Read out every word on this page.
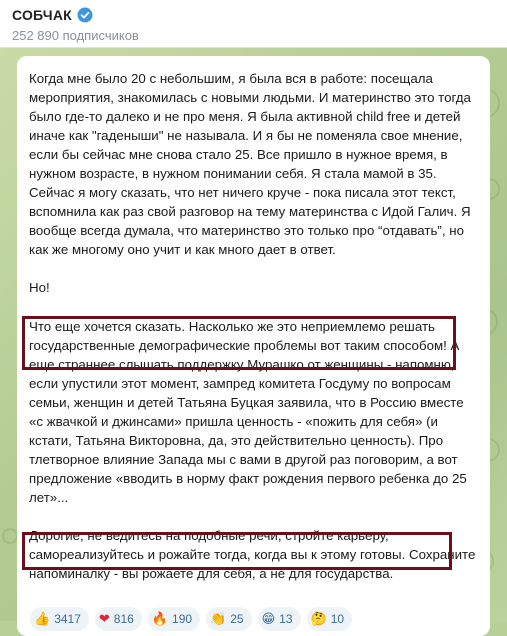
СОБЧАК
252 890 подписчиков

Когда мне было 20 с небольшим, я была вся в работе: посещала мероприятия, знакомилась с новыми людьми. И материнство это тогда было где-то далеко и не про меня. Я была активной child free и детей иначе как "гаденыши" не называла. И я бы не поменяла свое мнение, если бы сейчас мне снова стало 25. Все пришло в нужное время, в нужном возрасте, в нужном понимании себя. Я стала мамой в 35. Сейчас я могу сказать, что нет ничего круче - пока писала этот текст, вспомнила как раз свой разговор на тему материнства с Идой Галич. Я вообще всегда думала, что материнство это только про “отдавать”, но как же многому оно учит и как много дает в ответ.

Но!

Что еще хочется сказать. Насколько же это неприемлемо решать государственные демографические проблемы вот таким способом! А еще страннее слышать поддержку Мурашко от женщины - напомню, если упустили этот момент, зампред комитета Госдуму по вопросам семьи, женщин и детей Татьяна Буцкая заявила, что в Россию вместе «с жвачкой и джинсами» пришла ценность - «пожить для себя» (и кстати, Татьяна Викторовна, да, это действительно ценность). Про тлетворное влияние Запада мы с вами в другой раз поговорим, а вот предложение «вводить в норму факт рождения первого ребенка до 25 лет»...

Дорогие, не ведитесь на подобные речи, стройте карьеру, самореализуйтесь и рожайте тогда, когда вы к этому готовы. Сохраните напоминалку - вы рожаете для себя, а не для государства.

👍 3417 ❤ 816 🔥 190 👏 25 😁 13 🤔 10
